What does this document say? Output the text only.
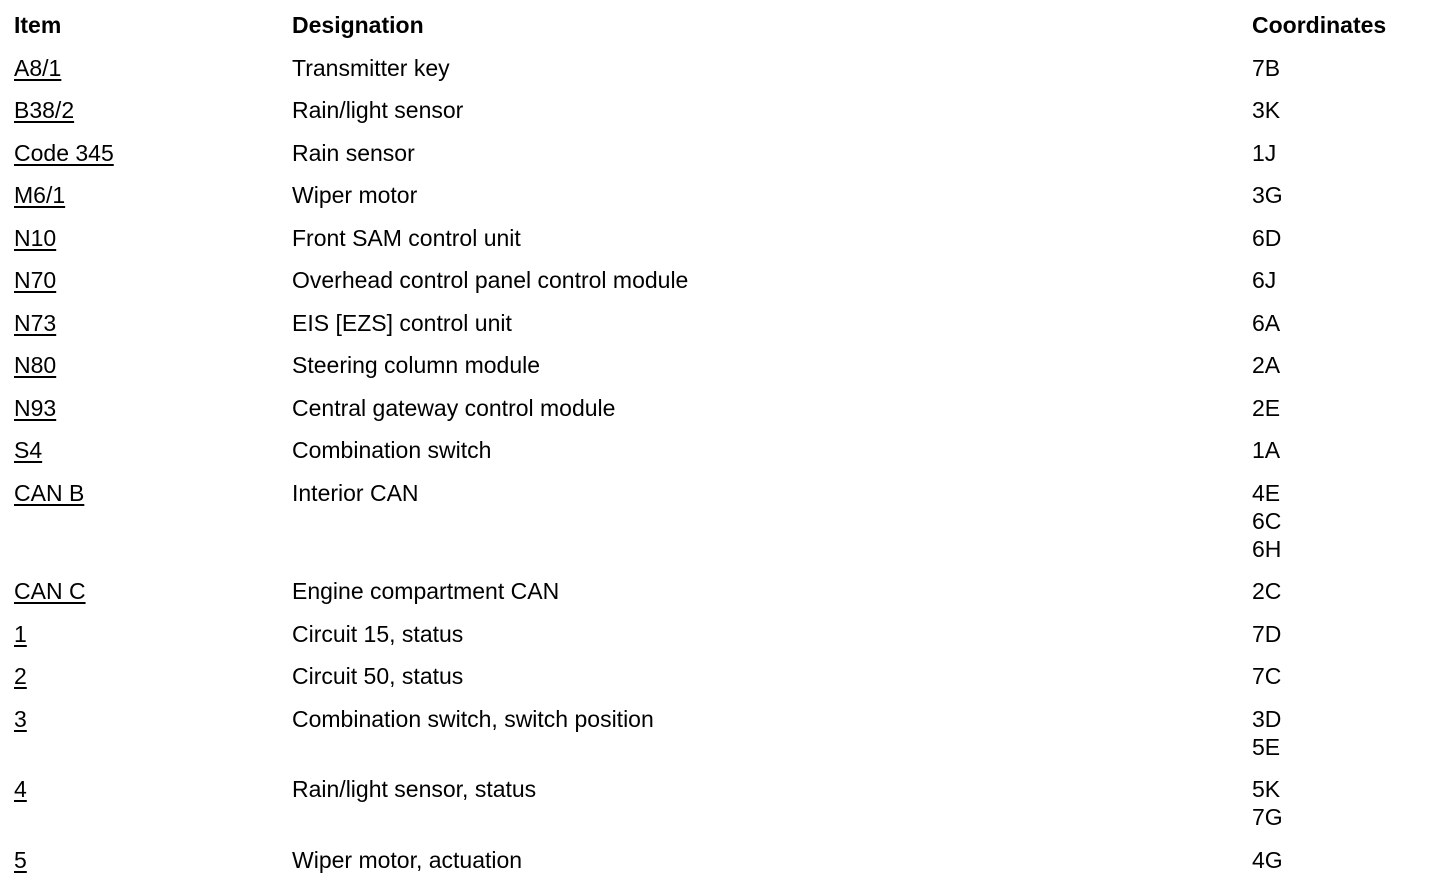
Item	Designation	Coordinates
A8/1	Transmitter key	7B
B38/2	Rain/light sensor	3K
Code 345	Rain sensor	1J
M6/1	Wiper motor	3G
N10	Front SAM control unit	6D
N70	Overhead control panel control module	6J
N73	EIS [EZS] control unit	6A
N80	Steering column module	2A
N93	Central gateway control module	2E
S4	Combination switch	1A
CAN B	Interior CAN	4E
6C
6H
CAN C	Engine compartment CAN	2C
1	Circuit 15, status	7D
2	Circuit 50, status	7C
3	Combination switch, switch position	3D
5E
4	Rain/light sensor, status	5K
7G
5	Wiper motor, actuation	4G
